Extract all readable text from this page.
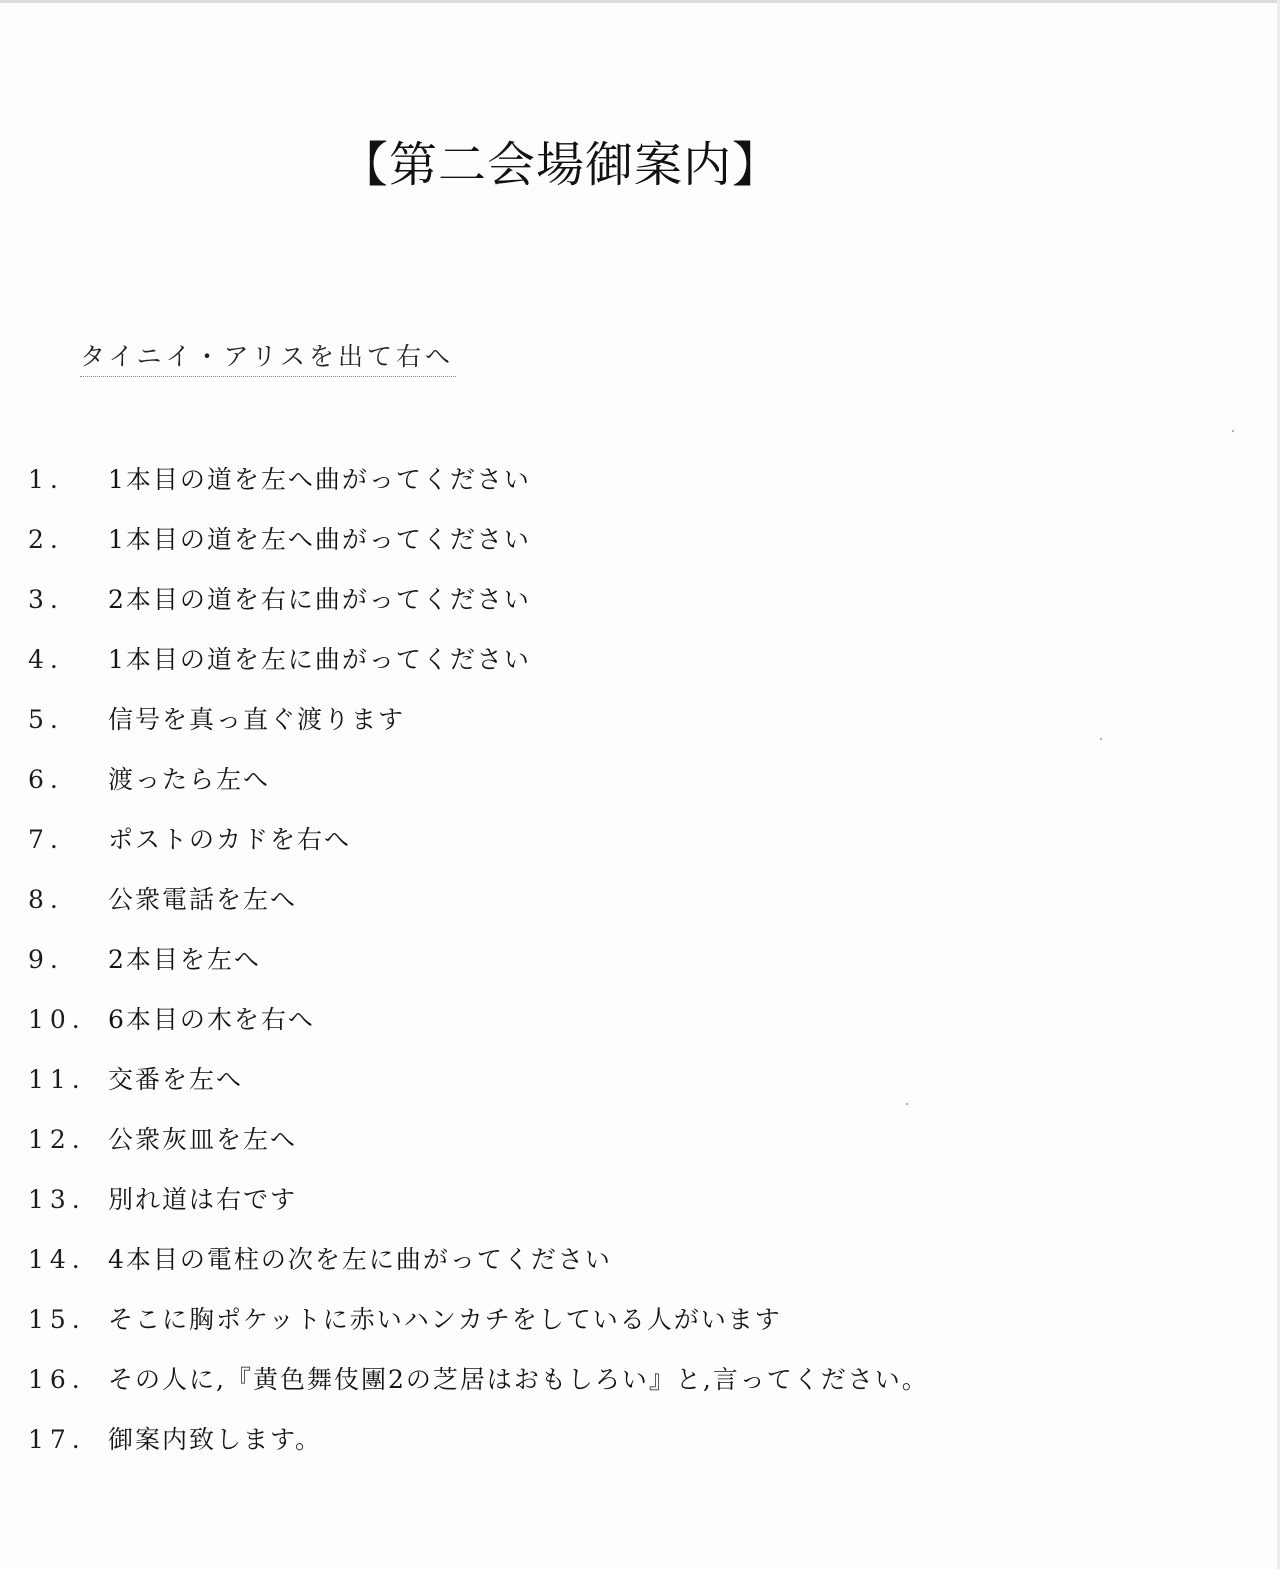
【第二会場御案内】
タイニイ・アリスを出て右へ
1.	1本目の道を左へ曲がってください
2.	1本目の道を左へ曲がってください
3.	2本目の道を右に曲がってください
4.	1本目の道を左に曲がってください
5.	信号を真っ直ぐ渡ります
6.	渡ったら左へ
7.	ポストのカドを右へ
8.	公衆電話を左へ
9.	2本目を左へ
10. 6本目の木を右へ
11. 交番を左へ
12. 公衆灰皿を左へ
13. 別れ道は右です
14. 4本目の電柱の次を左に曲がってください
15. そこに胸ポケットに赤いハンカチをしている人がいます
16. その人に,『黄色舞伎團2の芝居はおもしろい』と,言ってください。
17. 御案内致します。
